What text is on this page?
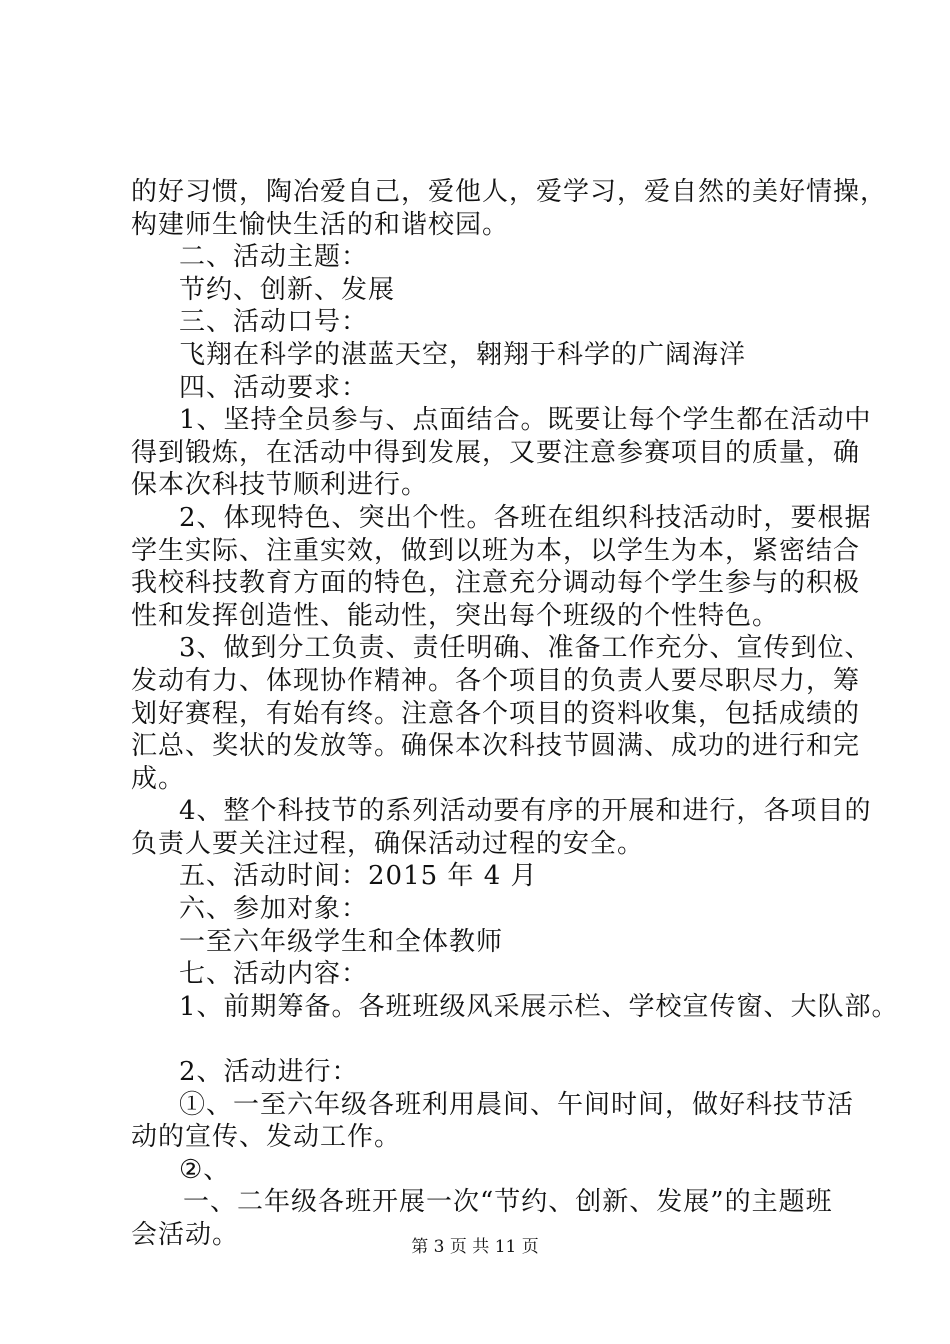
的好习惯，陶冶爱自己，爱他人，爱学习，爱自然的美好情操，
构建师生愉快生活的和谐校园。
二、活动主题：
节约、创新、发展
三、活动口号：
飞翔在科学的湛蓝天空，翱翔于科学的广阔海洋
四、活动要求：
1、坚持全员参与、点面结合。既要让每个学生都在活动中
得到锻炼，在活动中得到发展，又要注意参赛项目的质量，确
保本次科技节顺利进行。
2、体现特色、突出个性。各班在组织科技活动时，要根据
学生实际、注重实效，做到以班为本，以学生为本，紧密结合
我校科技教育方面的特色，注意充分调动每个学生参与的积极
性和发挥创造性、能动性，突出每个班级的个性特色。
3、做到分工负责、责任明确、准备工作充分、宣传到位、
发动有力、体现协作精神。各个项目的负责人要尽职尽力，筹
划好赛程，有始有终。注意各个项目的资料收集，包括成绩的
汇总、奖状的发放等。确保本次科技节圆满、成功的进行和完
成。
4、整个科技节的系列活动要有序的开展和进行，各项目的
负责人要关注过程，确保活动过程的安全。
五、活动时间：2015 年 4 月
六、参加对象：
一至六年级学生和全体教师
七、活动内容：
1、前期筹备。各班班级风采展示栏、学校宣传窗、大队部。
2、活动进行：
①、一至六年级各班利用晨间、午间时间，做好科技节活
动的宣传、发动工作。
②、
一、二年级各班开展一次“节约、创新、发展”的主题班
会活动。	第 3 页 共 11 页
